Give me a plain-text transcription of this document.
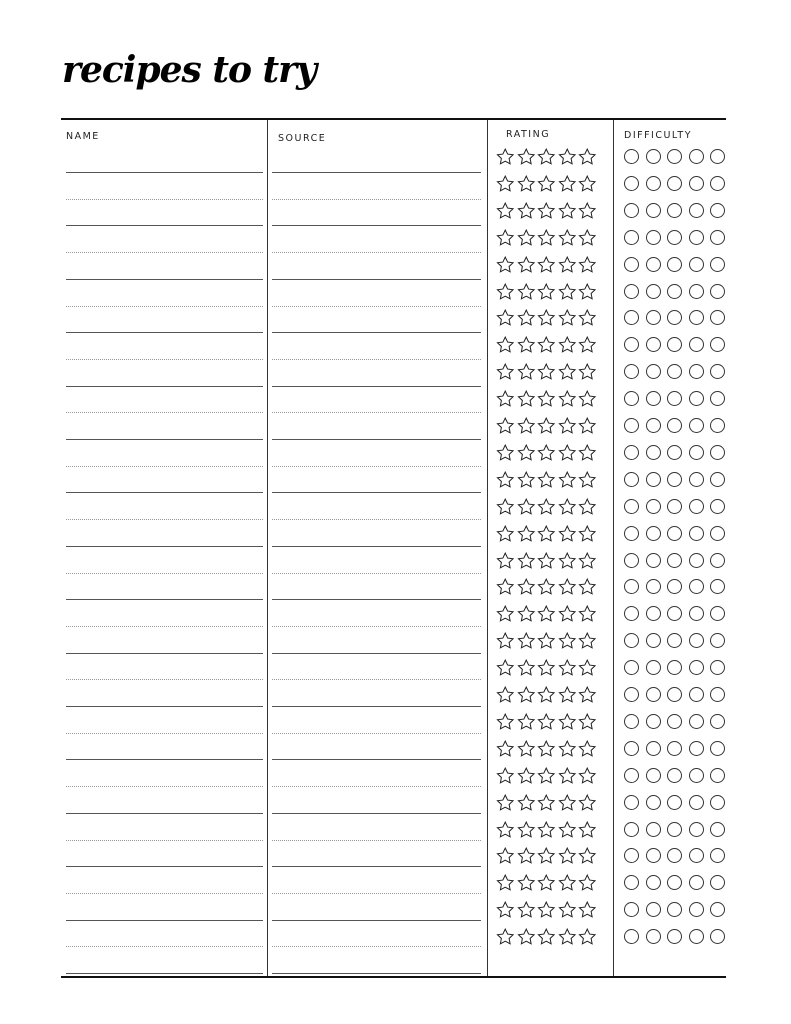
recipes to try
NAME	SOURCE	RATING	DIFFICULTY
